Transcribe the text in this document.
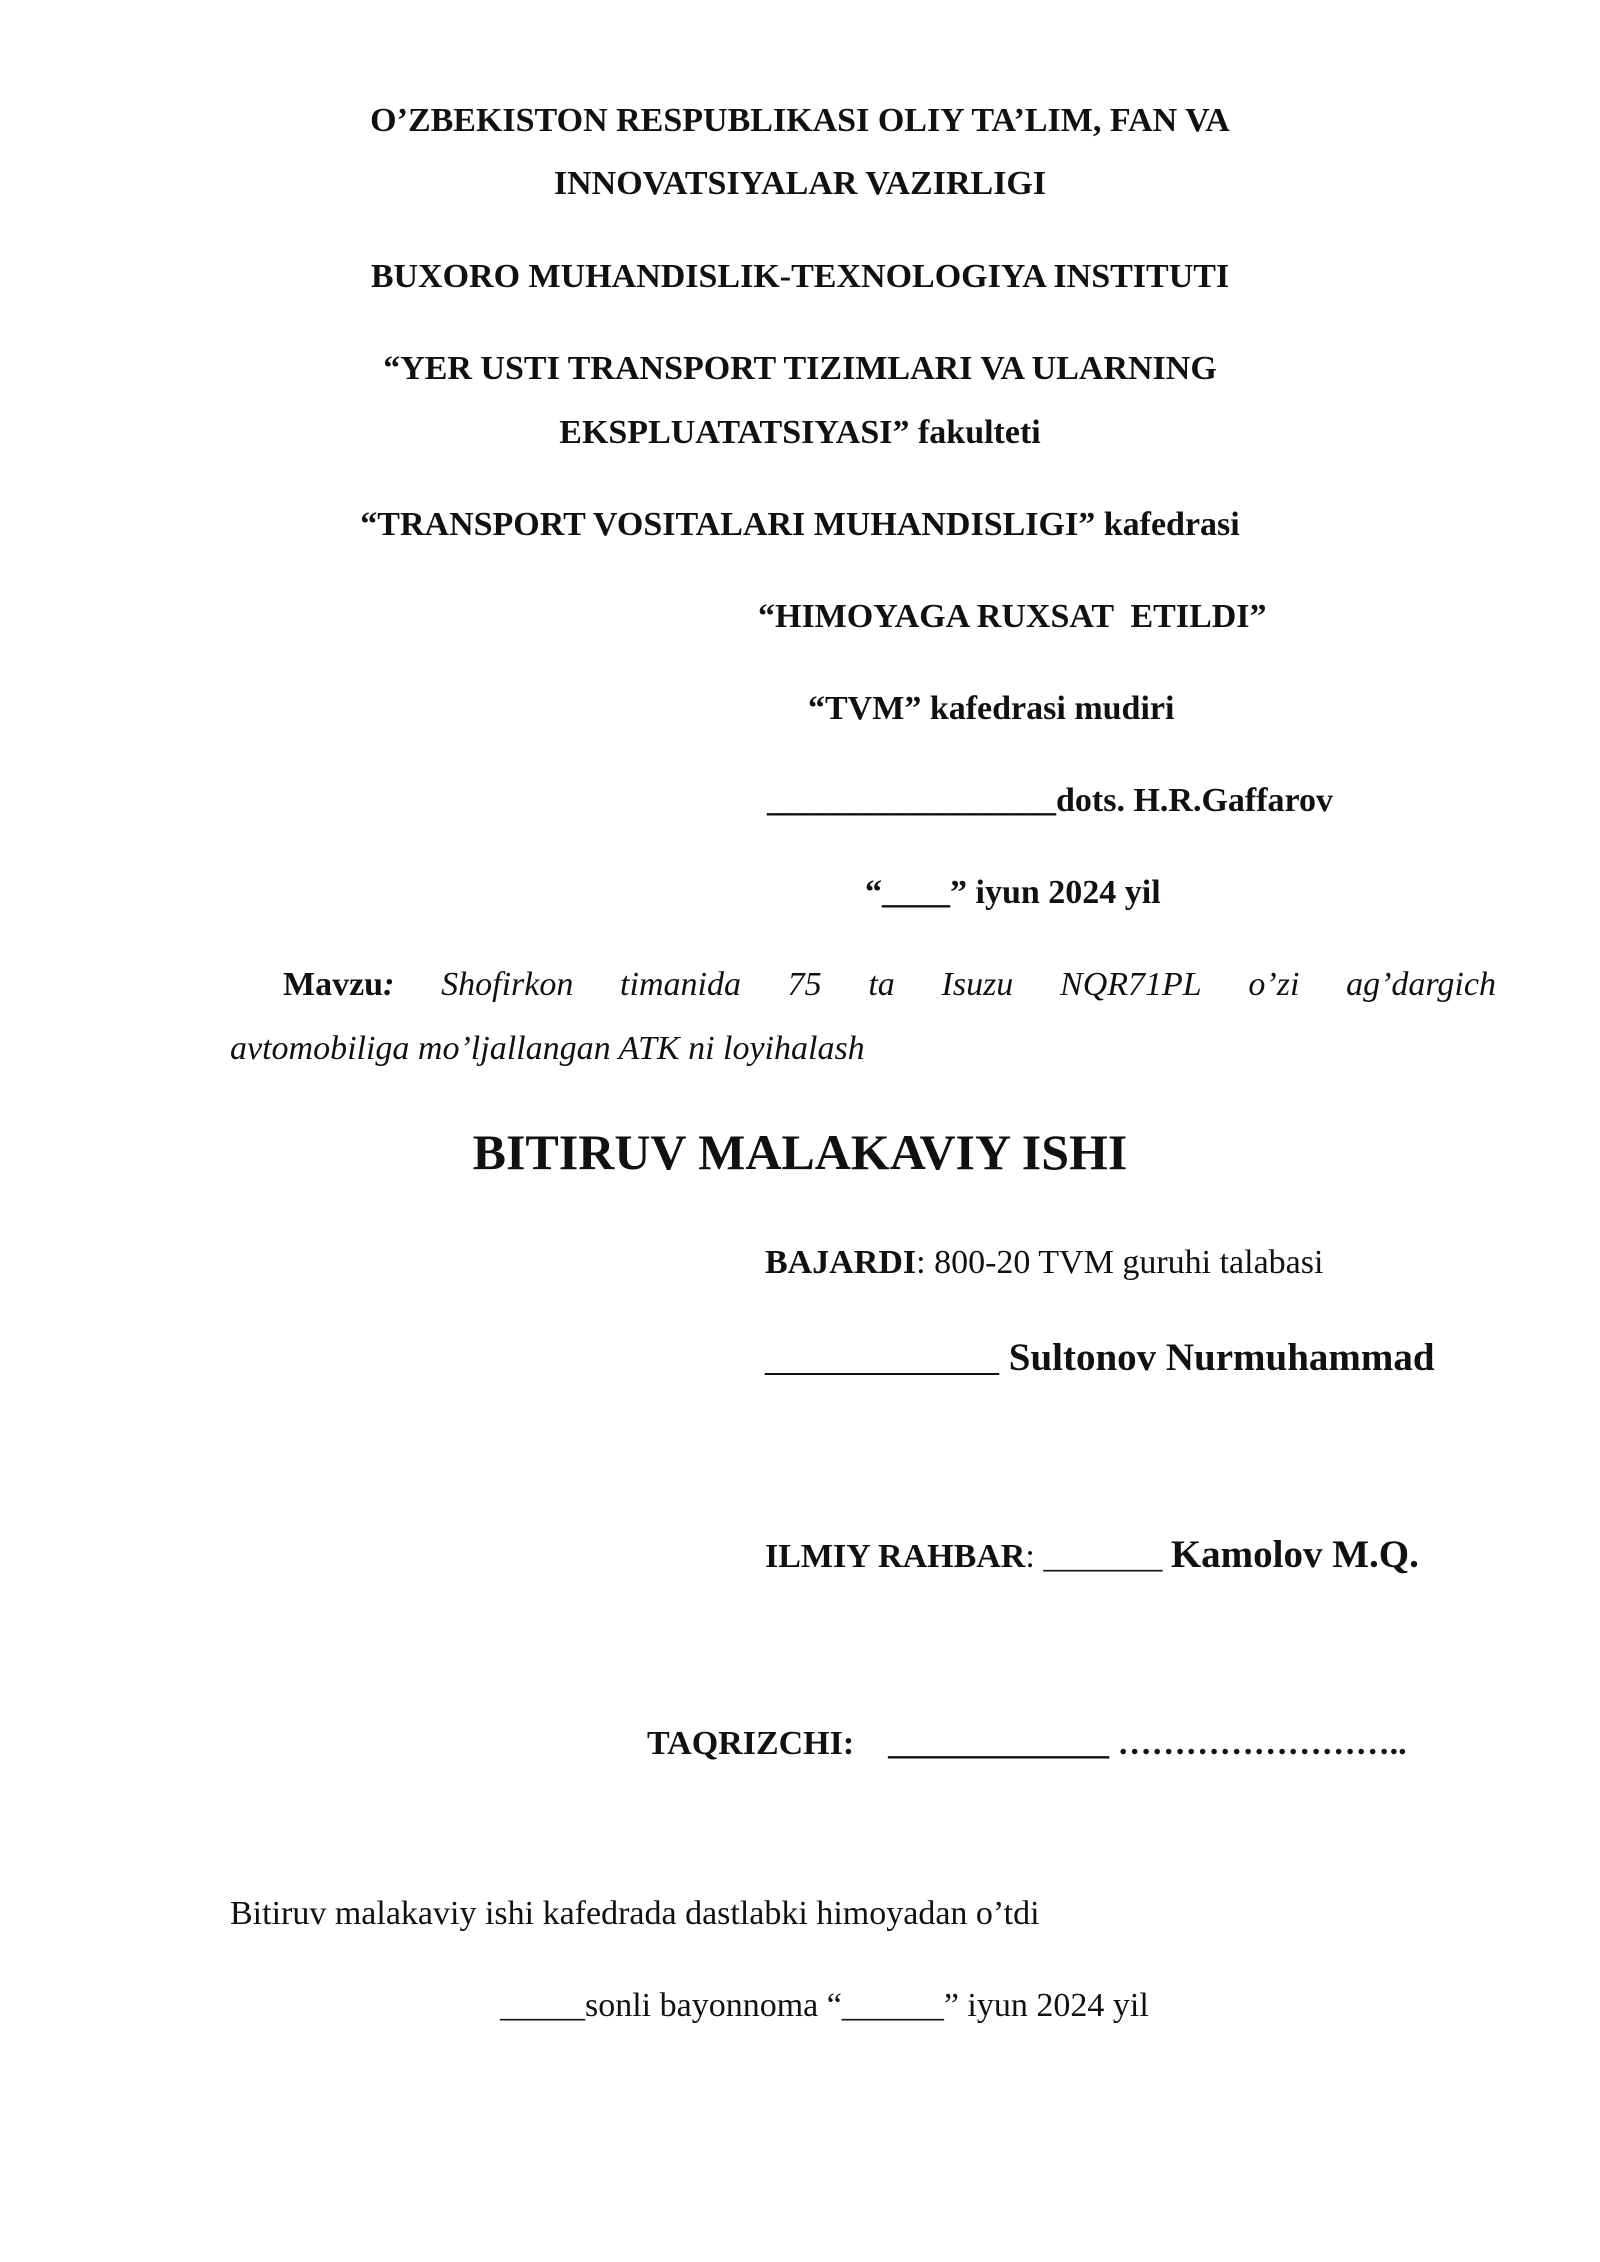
O’ZBEKISTON RESPUBLIKASI OLIY TA’LIM, FAN VA
INNOVATSIYALAR VAZIRLIGI
BUXORO MUHANDISLIK-TEXNOLOGIYA INSTITUTI
“YER USTI TRANSPORT TIZIMLARI VA ULARNING
EKSPLUATATSIYASI” fakulteti
“TRANSPORT VOSITALARI MUHANDISLIGI” kafedrasi
“HIMOYAGA RUXSAT  ETILDI”
“TVM” kafedrasi mudiri
_________________dots. H.R.Gaffarov
“____” iyun 2024 yil
Mavzu: Shofirkon timanida 75 ta Isuzu NQR71PL o’zi ag’dargich
avtomobiliga mo’ljallangan ATK ni loyihalash
BITIRUV MALAKAVIY ISHI
BAJARDI: 800-20 TVM guruhi talabasi
____________ Sultonov Nurmuhammad
ILMIY RAHBAR: _______ Kamolov M.Q.
TAQRIZCHI: _____________ ……………………..
Bitiruv malakaviy ishi kafedrada dastlabki himoyadan o’tdi
_____sonli bayonnoma “______” iyun 2024 yil
